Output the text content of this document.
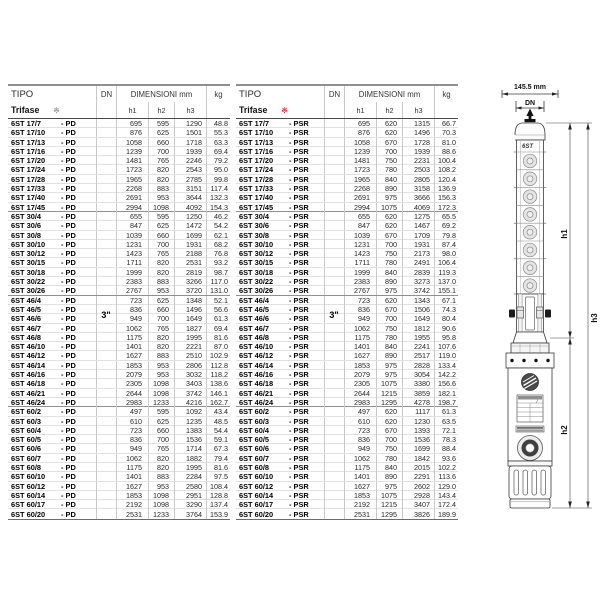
TIPO	DN	DIMENSIONI mm	kg
Trifase ※	h1	h2	h3
6ST 17/7	- PD	695	595	1290	48.8
6ST 17/10	- PD	876	625	1501	55.3
6ST 17/13	- PD	1058	660	1718	63.3
6ST 17/16	- PD	1239	700	1939	69.4
6ST 17/20	- PD	1481	765	2246	79.2
6ST 17/24	- PD	1723	820	2543	95.0
6ST 17/28	- PD	1965	820	2785	99.8
6ST 17/33	- PD	2268	883	3151	117.4
6ST 17/40	- PD	2691	953	3644	132.3
6ST 17/45	- PD	2994	1098	4092	154.3
6ST 30/4	- PD	655	595	1250	46.2
6ST 30/6	- PD	847	625	1472	54.2
6ST 30/8	- PD	1039	660	1699	62.1
6ST 30/10	- PD	1231	700	1931	68.2
6ST 30/12	- PD	1423	765	2188	76.8
6ST 30/15	- PD	1711	820	2531	93.2
6ST 30/18	- PD	1999	820	2819	98.7
6ST 30/22	- PD	2383	883	3266	117.0
6ST 30/26	- PD	2767	953	3720	131.0
6ST 46/4	- PD	723	625	1348	52.1
6ST 46/5	- PD	836	660	1496	56.6
6ST 46/6	- PD	949	700	1649	61.3
6ST 46/7	- PD	1062	765	1827	69.4
6ST 46/8	- PD	1175	820	1995	81.6
6ST 46/10	- PD	1401	820	2221	87.0
6ST 46/12	- PD	1627	883	2510	102.9
6ST 46/14	- PD	1853	953	2806	112.8
6ST 46/16	- PD	2079	953	3032	118.2
6ST 46/18	- PD	2305	1098	3403	138.6
6ST 46/21	- PD	2644	1098	3742	146.1
6ST 46/24	- PD	2983	1233	4216	162.7
6ST 60/2	- PD	497	595	1092	43.4
6ST 60/3	- PD	610	625	1235	48.5
6ST 60/4	- PD	723	660	1383	54.4
6ST 60/5	- PD	836	700	1536	59.1
6ST 60/6	- PD	949	765	1714	67.3
6ST 60/7	- PD	1062	820	1882	79.4
6ST 60/8	- PD	1175	820	1995	81.6
6ST 60/10	- PD	1401	883	2284	97.5
6ST 60/12	- PD	1627	953	2580	108.4
6ST 60/14	- PD	1853	1098	2951	128.8
6ST 60/17	- PD	2192	1098	3290	137.4
6ST 60/20	- PD	2531	1233	3764	153.9
3"
TIPO	DN	DIMENSIONI mm	kg
Trifase ※	h1	h2	h3
6ST 17/7	- PSR	695	620	1315	66.7
6ST 17/10	- PSR	876	620	1496	70.3
6ST 17/13	- PSR	1058	670	1728	81.0
6ST 17/16	- PSR	1239	700	1939	88.6
6ST 17/20	- PSR	1481	750	2231	100.4
6ST 17/24	- PSR	1723	780	2503	108.2
6ST 17/28	- PSR	1965	840	2805	120.4
6ST 17/33	- PSR	2268	890	3158	136.9
6ST 17/40	- PSR	2691	975	3666	156.3
6ST 17/45	- PSR	2994	1075	4069	172.3
6ST 30/4	- PSR	655	620	1275	65.5
6ST 30/6	- PSR	847	620	1467	69.2
6ST 30/8	- PSR	1039	670	1709	79.8
6ST 30/10	- PSR	1231	700	1931	87.4
6ST 30/12	- PSR	1423	750	2173	98.0
6ST 30/15	- PSR	1711	780	2491	106.4
6ST 30/18	- PSR	1999	840	2839	119.3
6ST 30/22	- PSR	2383	890	3273	137.0
6ST 30/26	- PSR	2767	975	3742	155.1
6ST 46/4	- PSR	723	620	1343	67.1
6ST 46/5	- PSR	836	670	1506	74.3
6ST 46/6	- PSR	949	700	1649	80.4
6ST 46/7	- PSR	1062	750	1812	90.6
6ST 46/8	- PSR	1175	780	1955	95.8
6ST 46/10	- PSR	1401	840	2241	107.6
6ST 46/12	- PSR	1627	890	2517	119.0
6ST 46/14	- PSR	1853	975	2828	133.4
6ST 46/16	- PSR	2079	975	3054	142.2
6ST 46/18	- PSR	2305	1075	3380	156.6
6ST 46/21	- PSR	2644	1215	3859	182.1
6ST 46/24	- PSR	2983	1295	4278	198.7
6ST 60/2	- PSR	497	620	1117	61.3
6ST 60/3	- PSR	610	620	1230	63.5
6ST 60/4	- PSR	723	670	1393	72.1
6ST 60/5	- PSR	836	700	1536	78.3
6ST 60/6	- PSR	949	750	1699	88.4
6ST 60/7	- PSR	1062	780	1842	93.6
6ST 60/8	- PSR	1175	840	2015	102.2
6ST 60/10	- PSR	1401	890	2291	113.6
6ST 60/12	- PSR	1627	975	2602	129.0
6ST 60/14	- PSR	1853	1075	2928	143.4
6ST 60/17	- PSR	2192	1215	3407	172.4
6ST 60/20	- PSR	2531	1295	3826	189.9
3"
145.5 mm
DN
6ST
h1
h2
h3
